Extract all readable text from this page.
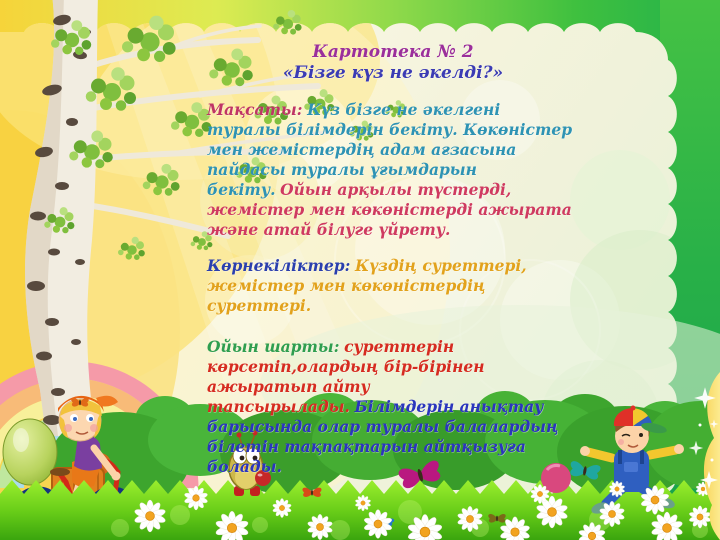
Картотека № 2
«Бізге күз не әкелді?»

Мақсаты: Күз бізге не әкелгені туралы білімдерін бекіту. Көкөністер мен жемістердің адам ағзасына пайдасы туралы ұғымдарын бекіту. Ойын арқылы түстерді, жемістер мен көкөністерді ажырата және атай білуге үйрету.

Көрнекіліктер: Күздің суреттері, жемістер мен көкөністердің суреттері.

Ойын шарты: суреттерін көрсетіп,олардың бір-бірінен ажыратып айту тапсырылады. Білімдерін анықтау барысында олар туралы балалардың білетін тақпақтарын айтқызуға болады.
